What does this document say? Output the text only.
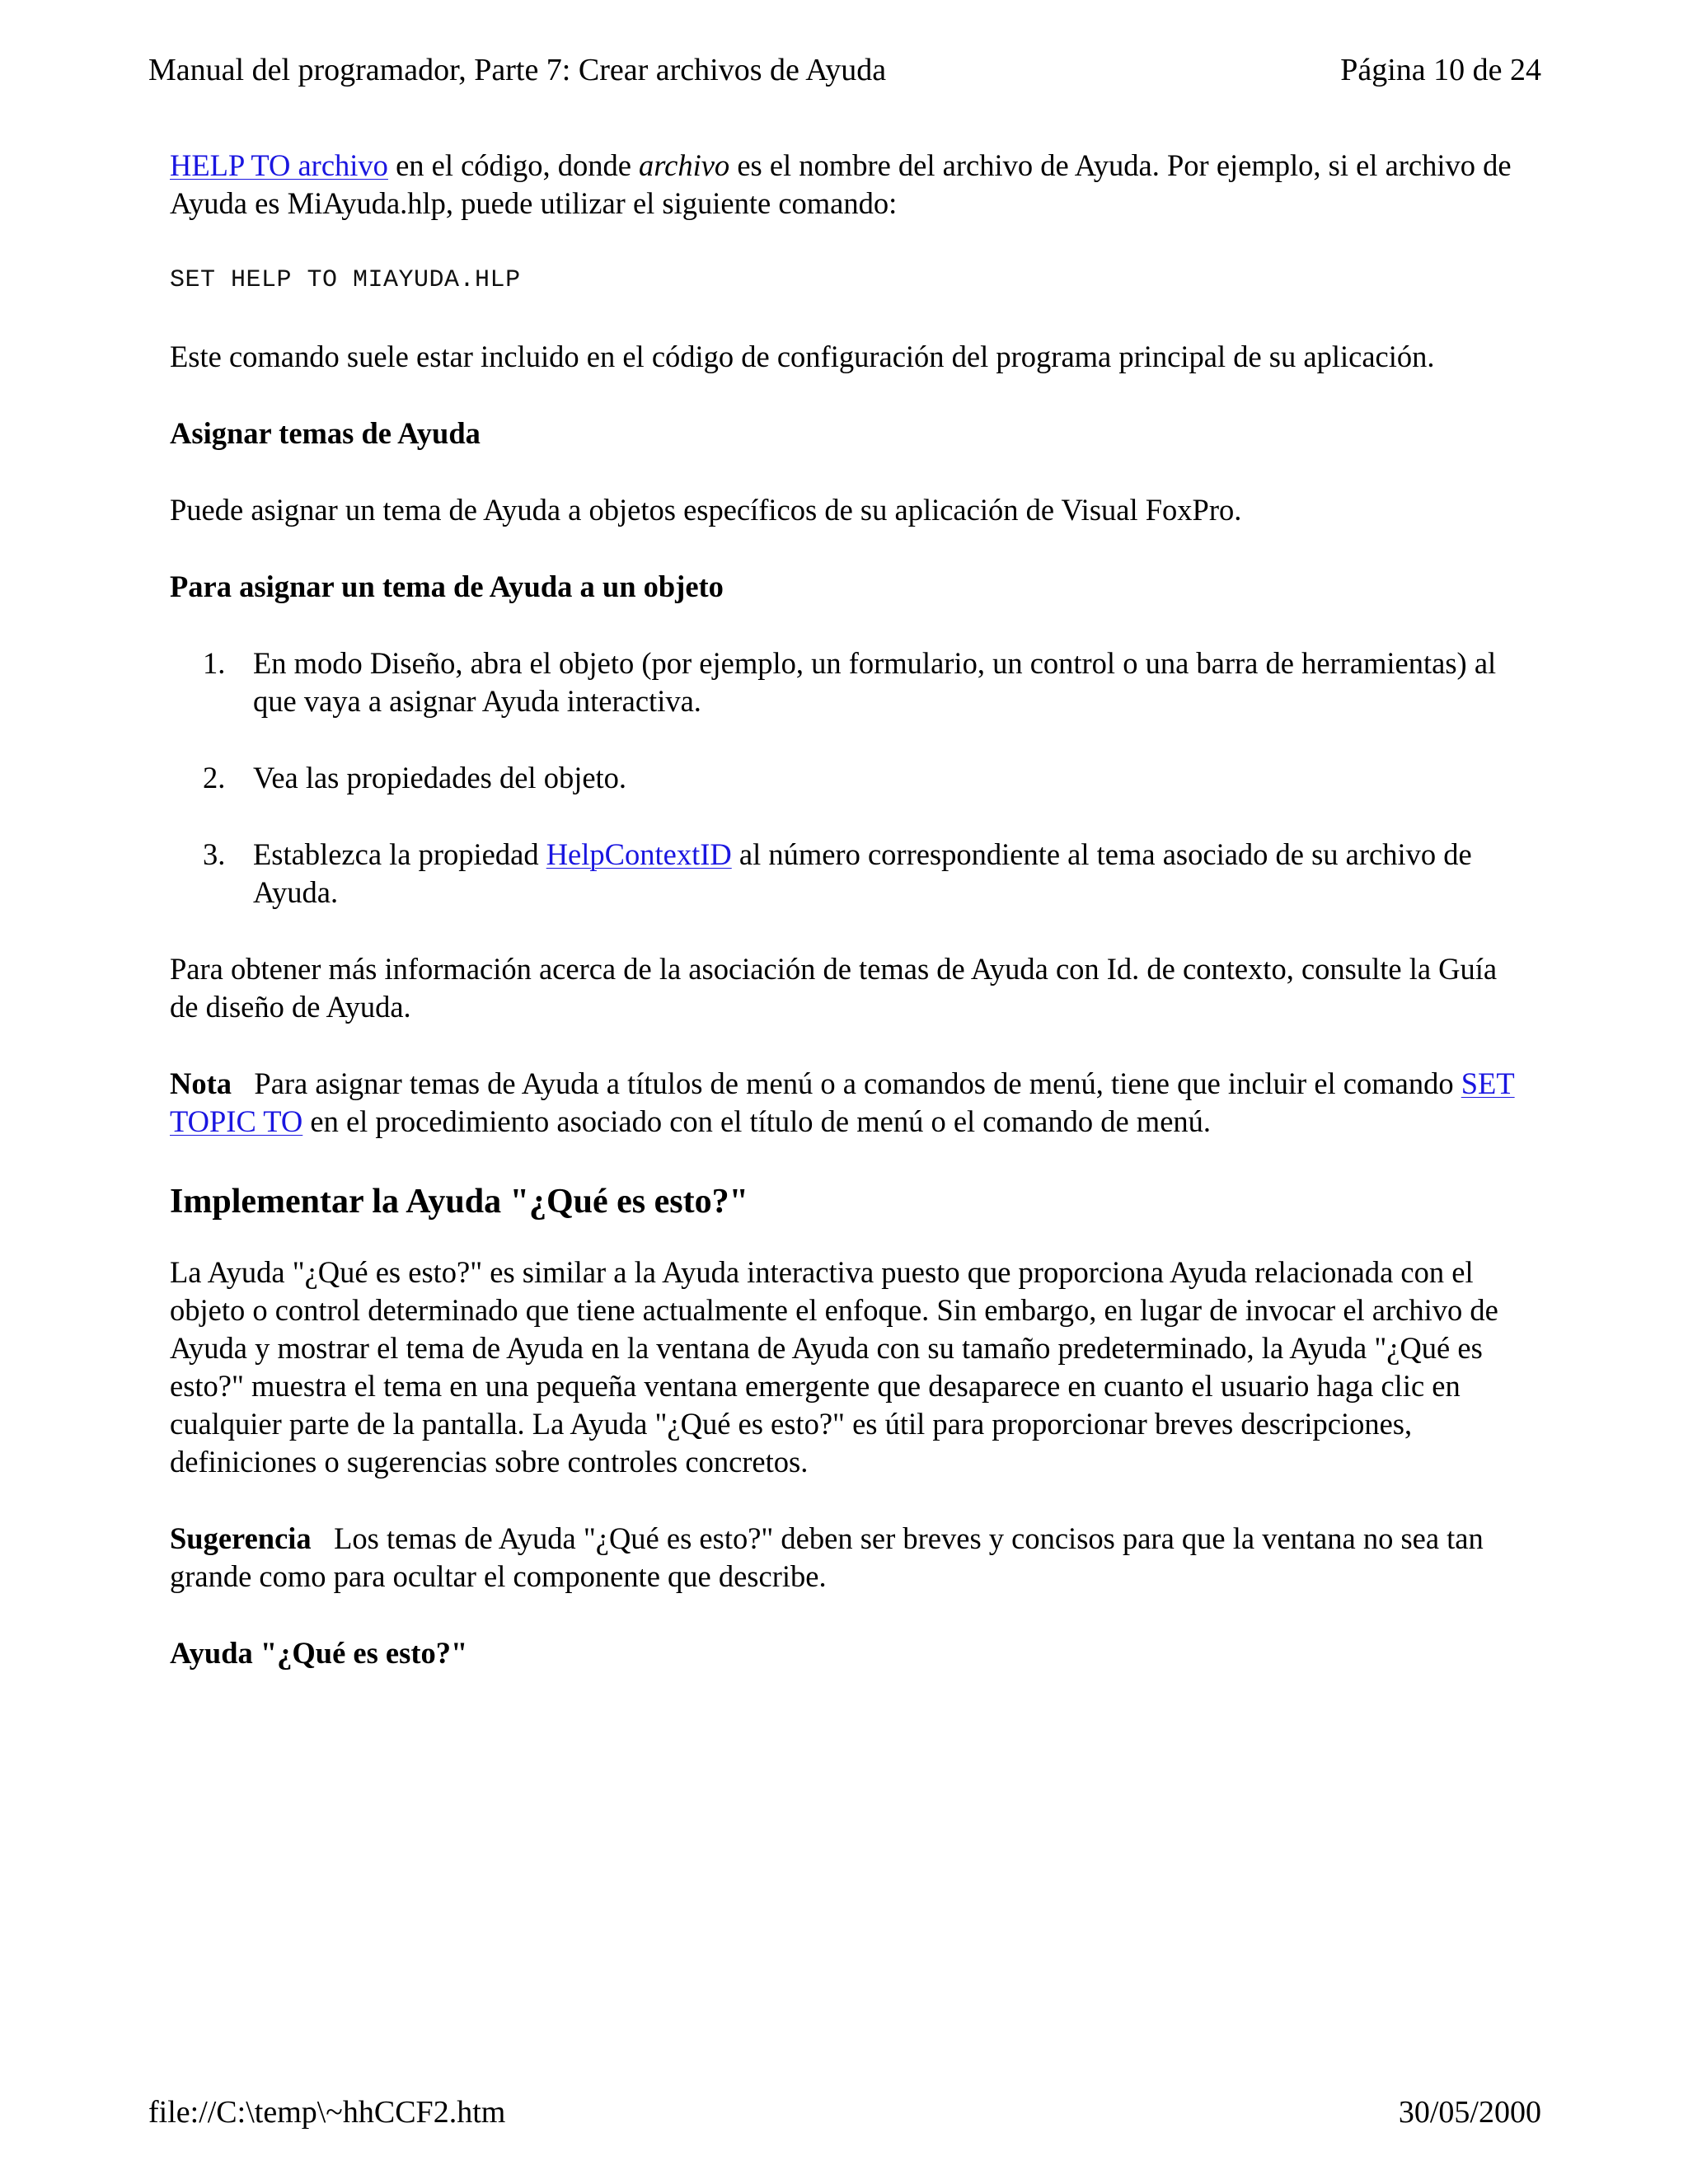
Manual del programador, Parte 7: Crear archivos de Ayuda	Página 10 de 24

HELP TO archivo en el código, donde archivo es el nombre del archivo de Ayuda. Por ejemplo, si el archivo de Ayuda es MiAyuda.hlp, puede utilizar el siguiente comando:

SET HELP TO MIAYUDA.HLP

Este comando suele estar incluido en el código de configuración del programa principal de su aplicación.

Asignar temas de Ayuda

Puede asignar un tema de Ayuda a objetos específicos de su aplicación de Visual FoxPro.

Para asignar un tema de Ayuda a un objeto

1. En modo Diseño, abra el objeto (por ejemplo, un formulario, un control o una barra de herramientas) al que vaya a asignar Ayuda interactiva.
2. Vea las propiedades del objeto.
3. Establezca la propiedad HelpContextID al número correspondiente al tema asociado de su archivo de Ayuda.

Para obtener más información acerca de la asociación de temas de Ayuda con Id. de contexto, consulte la Guía de diseño de Ayuda.

Nota   Para asignar temas de Ayuda a títulos de menú o a comandos de menú, tiene que incluir el comando SET TOPIC TO en el procedimiento asociado con el título de menú o el comando de menú.

Implementar la Ayuda "¿Qué es esto?"

La Ayuda "¿Qué es esto?" es similar a la Ayuda interactiva puesto que proporciona Ayuda relacionada con el objeto o control determinado que tiene actualmente el enfoque. Sin embargo, en lugar de invocar el archivo de Ayuda y mostrar el tema de Ayuda en la ventana de Ayuda con su tamaño predeterminado, la Ayuda "¿Qué es esto?" muestra el tema en una pequeña ventana emergente que desaparece en cuanto el usuario haga clic en cualquier parte de la pantalla. La Ayuda "¿Qué es esto?" es útil para proporcionar breves descripciones, definiciones o sugerencias sobre controles concretos.

Sugerencia   Los temas de Ayuda "¿Qué es esto?" deben ser breves y concisos para que la ventana no sea tan grande como para ocultar el componente que describe.

Ayuda "¿Qué es esto?"

file://C:\temp\~hhCCF2.htm	30/05/2000
